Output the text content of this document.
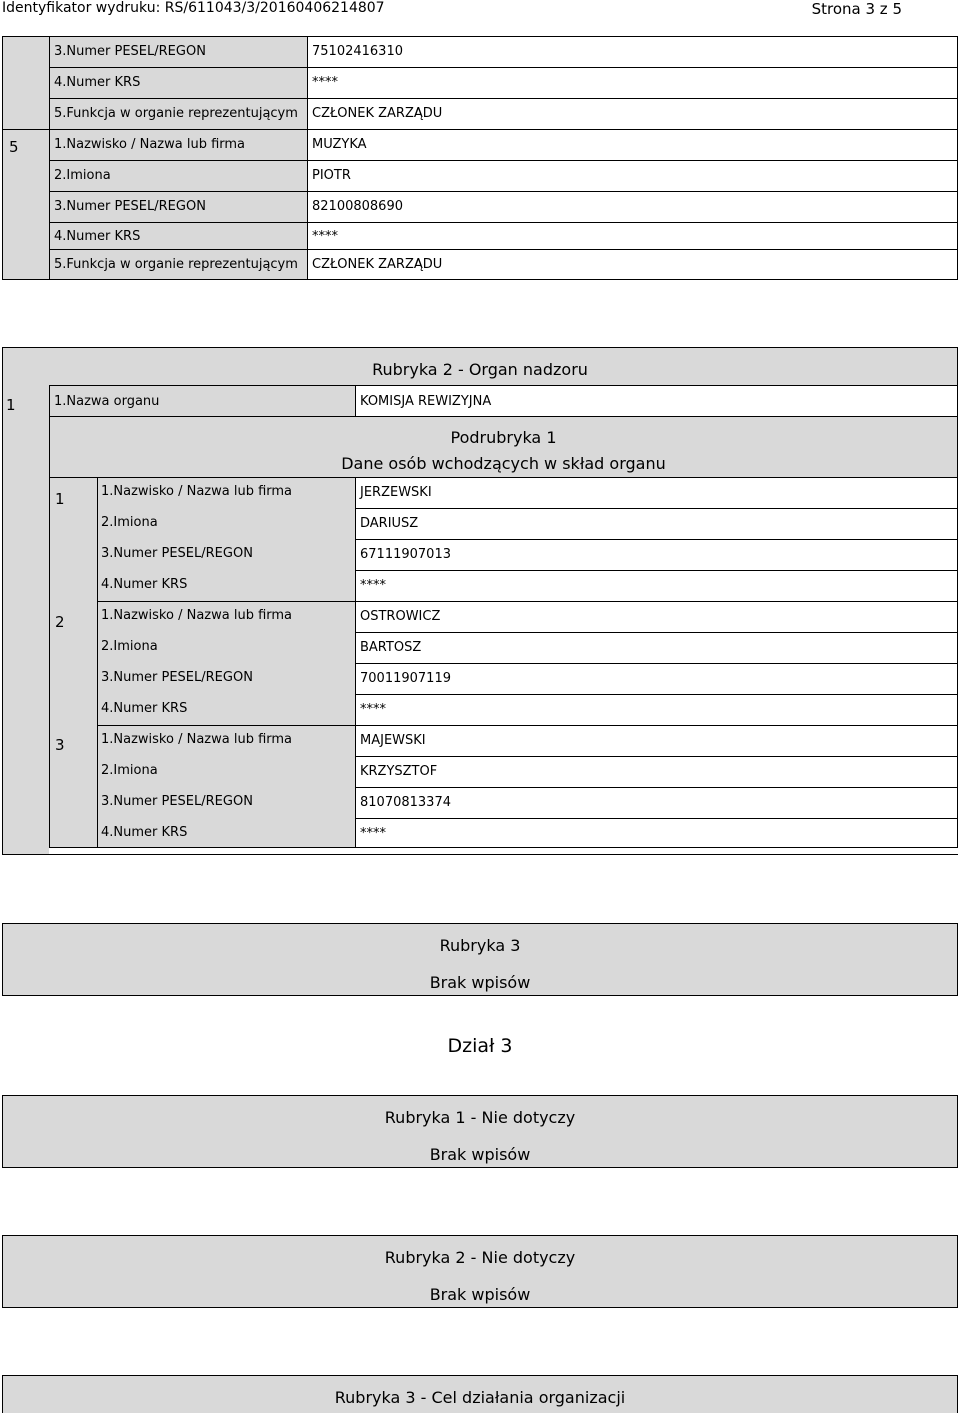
Identyfikator wydruku: RS/611043/3/20160406214807	Strona 3 z 5
3.Numer PESEL/REGON	75102416310
4.Numer KRS	****
5.Funkcja w organie reprezentującym	CZŁONEK ZARZĄDU
5	1.Nazwisko / Nazwa lub firma	MUZYKA
2.Imiona	PIOTR
3.Numer PESEL/REGON	82100808690
4.Numer KRS	****
5.Funkcja w organie reprezentującym	CZŁONEK ZARZĄDU
Rubryka 2 - Organ nadzoru
1	1.Nazwa organu	KOMISJA REWIZYJNA
Podrubryka 1
Dane osób wchodzących w skład organu
1	1.Nazwisko / Nazwa lub firma	JERZEWSKI
2.Imiona	DARIUSZ
3.Numer PESEL/REGON	67111907013
4.Numer KRS	****
2	1.Nazwisko / Nazwa lub firma	OSTROWICZ
2.Imiona	BARTOSZ
3.Numer PESEL/REGON	70011907119
4.Numer KRS	****
3	1.Nazwisko / Nazwa lub firma	MAJEWSKI
2.Imiona	KRZYSZTOF
3.Numer PESEL/REGON	81070813374
4.Numer KRS	****
Rubryka 3
Brak wpisów
Dział 3
Rubryka 1 - Nie dotyczy
Brak wpisów
Rubryka 2 - Nie dotyczy
Brak wpisów
Rubryka 3 - Cel działania organizacji
